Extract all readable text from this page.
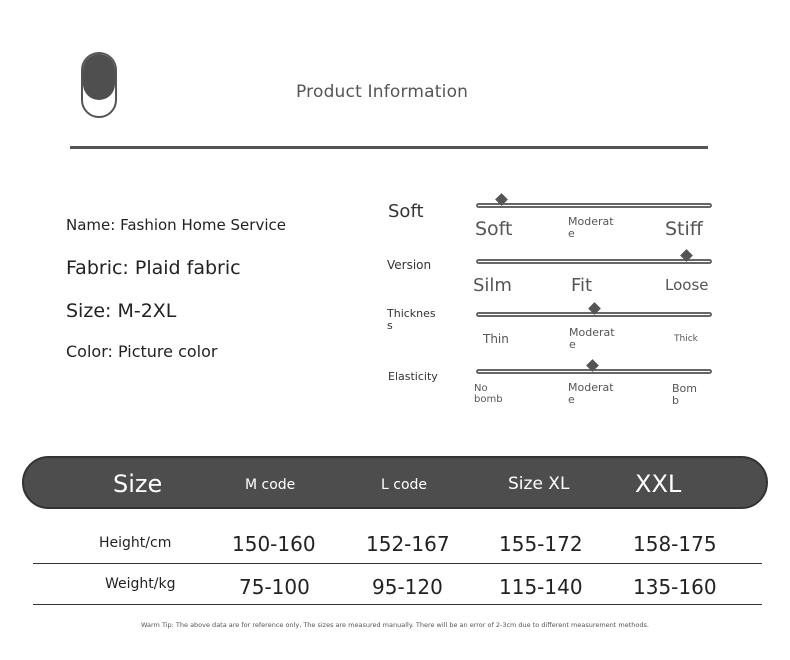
Product Information
Name: Fashion Home Service
Fabric: Plaid fabric
Size: M-2XL
Color: Picture color
Soft
Soft	Moderat
e	Stiff
Version
Silm	Fit	Loose
Thicknes
s
Thin	Moderat
e	Thick
Elasticity
No
bomb
Moderat
e
Bom
b
Size	M code	L code	Size XL	XXL
Height/cm	150-160	152-167 155-172	158-175
Weight/kg	75-100	95-120	115-140	135-160
Warm Tip: The above data are for reference only, The sizes are measured manually. There will be an error of 2-3cm due to different measurement methods.
